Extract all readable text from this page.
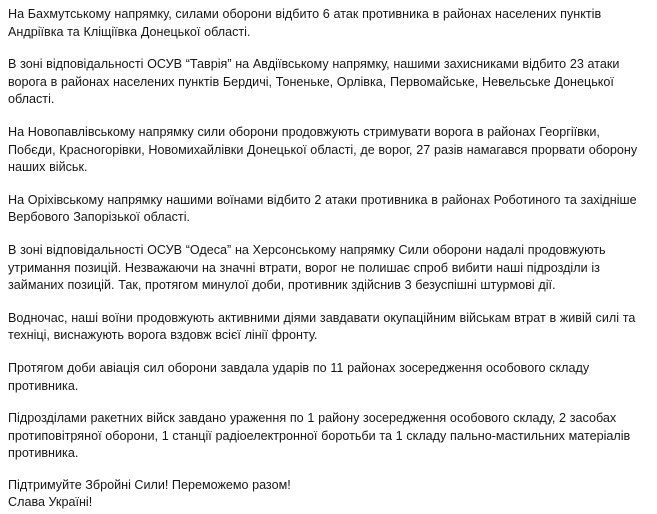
На Бахмутському напрямку, силами оборони відбито 6 атак противника в районах населених пунктів Андріївка та Кліщіївка Донецької області.

В зоні відповідальності ОСУВ “Таврія” на Авдіївському напрямку, нашими захисниками відбито 23 атаки ворога в районах населених пунктів Бердичі, Тоненьке, Орлівка, Первомайське, Невельське Донецької області.

На Новопавлівському напрямку сили оборони продовжують стримувати ворога в районах Георгіївки, Побєди, Красногорівки, Новомихайлівки Донецької області, де ворог, 27 разів намагався прорвати оборону наших військ.

На Оріхівському напрямку нашими воїнами відбито 2 атаки противника в районах Роботиного та західніше Вербового Запорізької області.

В зоні відповідальності ОСУВ “Одеса” на Херсонському напрямку Сили оборони надалі продовжують утримання позицій. Незважаючи на значні втрати, ворог не полишає спроб вибити наші підрозділи із займаних позицій. Так, протягом минулої доби, противник здійснив 3 безуспішні штурмові дії.

Водночас, наші воїни продовжують активними діями завдавати окупаційним військам втрат в живій силі та техніці, виснажують ворога вздовж всієї лінії фронту.

Протягом доби авіація сил оборони завдала ударів по 11 районах зосередження особового складу противника.

Підрозділами ракетних війск завдано ураження по 1 району зосередження особового складу, 2 засобах протиповітряної оборони, 1 станції радіоелектронної боротьби та 1 складу пально-мастильних матеріалів противника.

Підтримуйте Збройні Сили! Переможемо разом!

Слава Україні!
